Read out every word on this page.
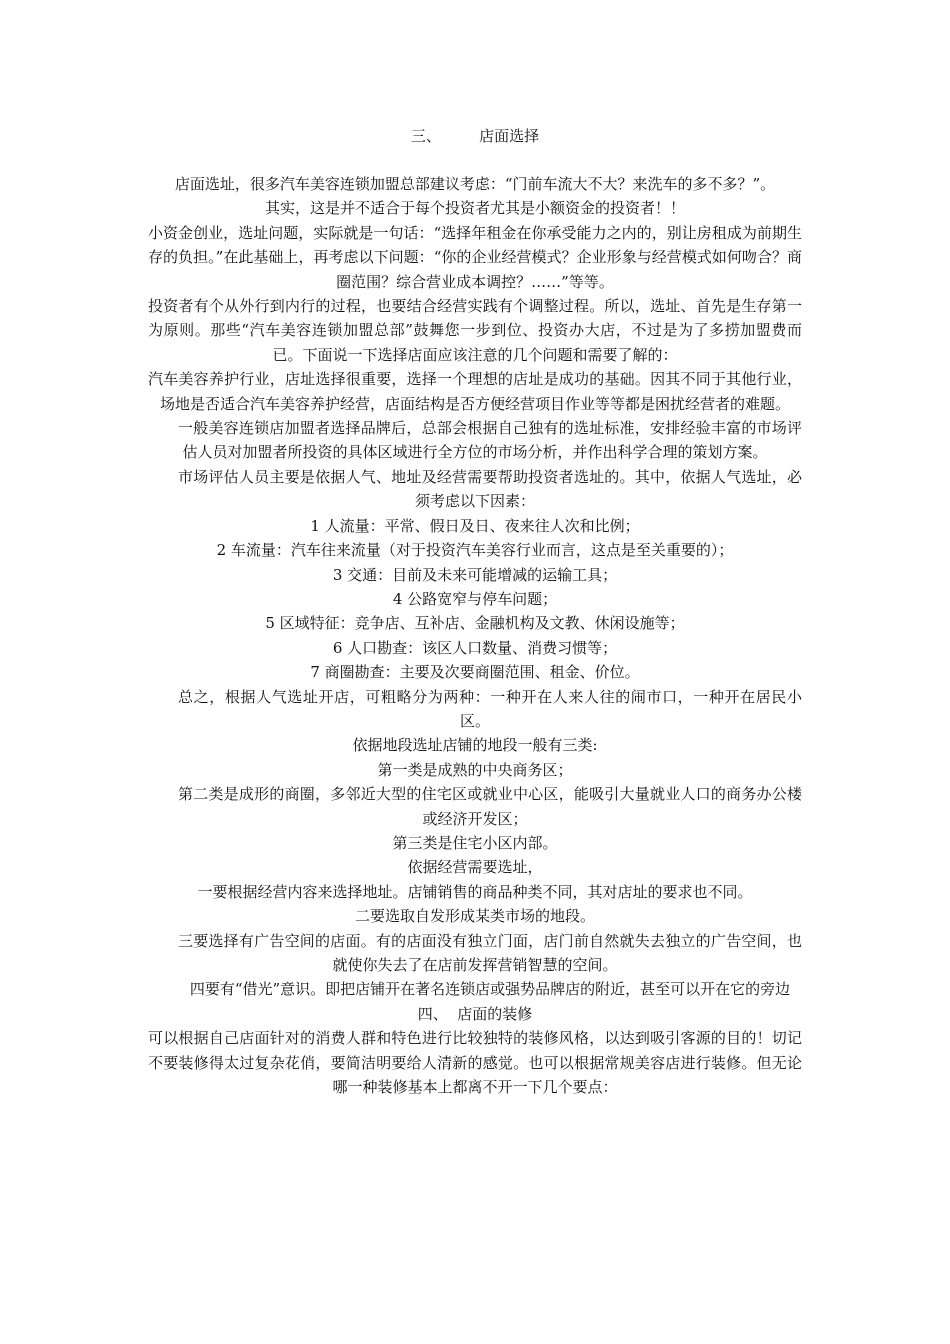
三、        店面选择

店面选址，很多汽车美容连锁加盟总部建议考虑：“门前车流大不大？来洗车的多不多？”。

其实，这是并不适合于每个投资者尤其是小额资金的投资者！！

小资金创业，选址问题，实际就是一句话：“选择年租金在你承受能力之内的，别让房租成为前期生存的负担。”在此基础上，再考虑以下问题：“你的企业经营模式？企业形象与经营模式如何吻合？商圈范围？综合营业成本调控？……”等等。

投资者有个从外行到内行的过程，也要结合经营实践有个调整过程。所以，选址、首先是生存第一为原则。那些“汽车美容连锁加盟总部”鼓舞您一步到位、投资办大店，不过是为了多捞加盟费而已。下面说一下选择店面应该注意的几个问题和需要了解的：

汽车美容养护行业，店址选择很重要，选择一个理想的店址是成功的基础。因其不同于其他行业，场地是否适合汽车美容养护经营，店面结构是否方便经营项目作业等等都是困扰经营者的难题。

一般美容连锁店加盟者选择品牌后，总部会根据自己独有的选址标准，安排经验丰富的市场评估人员对加盟者所投资的具体区域进行全方位的市场分析，并作出科学合理的策划方案。

市场评估人员主要是依据人气、地址及经营需要帮助投资者选址的。其中，依据人气选址，必须考虑以下因素：

1 人流量：平常、假日及日、夜来往人次和比例；

2 车流量：汽车往来流量（对于投资汽车美容行业而言，这点是至关重要的）；

3 交通：目前及未来可能增减的运输工具；

4 公路宽窄与停车问题；

5 区域特征：竞争店、互补店、金融机构及文教、休闲设施等；

6 人口勘查：该区人口数量、消费习惯等；

7 商圈勘查：主要及次要商圈范围、租金、价位。

总之，根据人气选址开店，可粗略分为两种：一种开在人来人往的闹市口，一种开在居民小区。

依据地段选址店铺的地段一般有三类:

第一类是成熟的中央商务区；

第二类是成形的商圈，多邻近大型的住宅区或就业中心区，能吸引大量就业人口的商务办公楼或经济开发区；

第三类是住宅小区内部。

依据经营需要选址，

一要根据经营内容来选择地址。店铺销售的商品种类不同，其对店址的要求也不同。

二要选取自发形成某类市场的地段。

三要选择有广告空间的店面。有的店面没有独立门面，店门前自然就失去独立的广告空间，也就使你失去了在店前发挥营销智慧的空间。

四要有“借光”意识。即把店铺开在著名连锁店或强势品牌店的附近，甚至可以开在它的旁边

四、  店面的装修

可以根据自己店面针对的消费人群和特色进行比较独特的装修风格，以达到吸引客源的目的！切记不要装修得太过复杂花俏，要简洁明要给人清新的感觉。也可以根据常规美容店进行装修。但无论哪一种装修基本上都离不开一下几个要点：
